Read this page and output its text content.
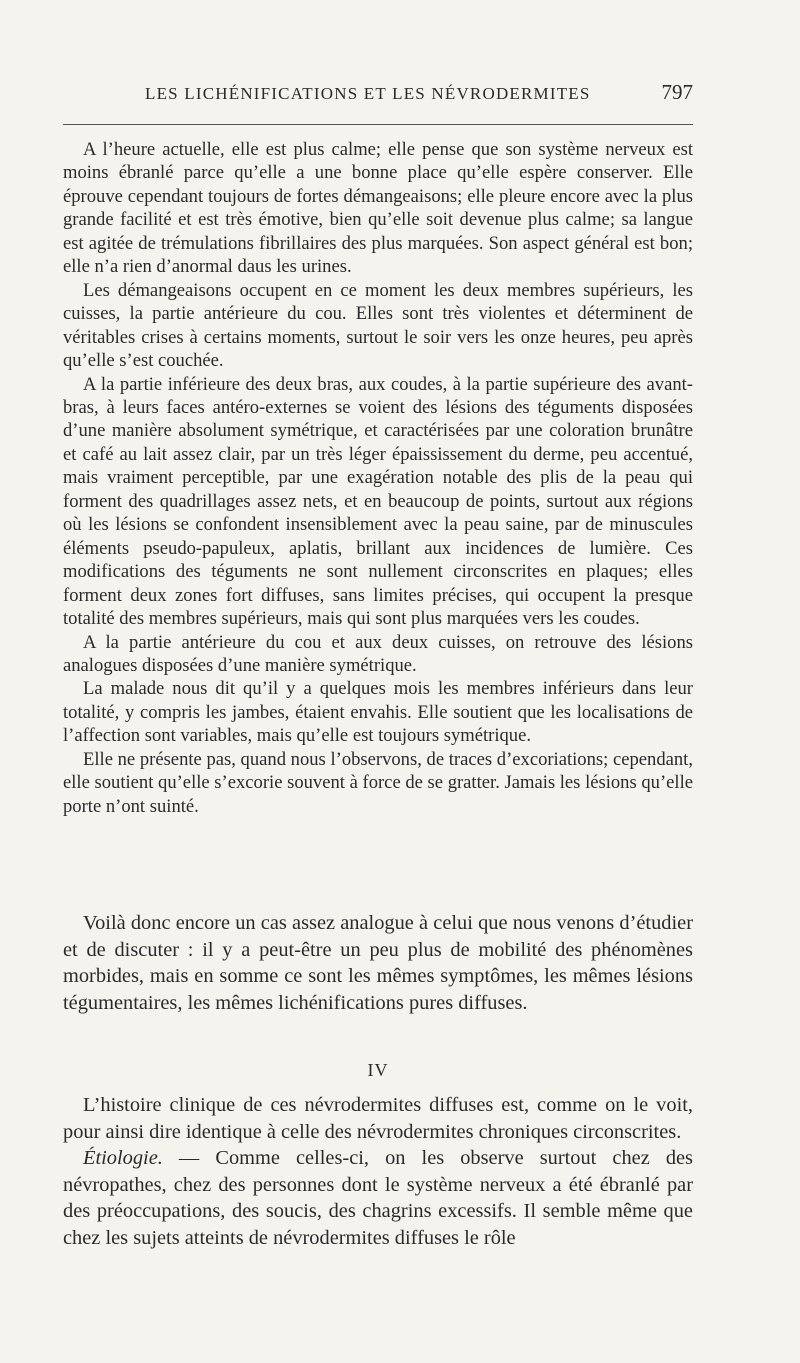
LES LICHÉNIFICATIONS ET LES NÉVRODERMITES	797

A l’heure actuelle, elle est plus calme; elle pense que son système nerveux est moins ébranlé parce qu’elle a une bonne place qu’elle espère conserver. Elle éprouve cependant toujours de fortes démangeaisons; elle pleure encore avec la plus grande facilité et est très émotive, bien qu’elle soit devenue plus calme; sa langue est agitée de trémulations fibrillaires des plus marquées. Son aspect général est bon; elle n’a rien d’anormal daus les urines.

Les démangeaisons occupent en ce moment les deux membres supérieurs, les cuisses, la partie antérieure du cou. Elles sont très violentes et déterminent de véritables crises à certains moments, surtout le soir vers les onze heures, peu après qu’elle s’est couchée.

A la partie inférieure des deux bras, aux coudes, à la partie supérieure des avant-bras, à leurs faces antéro-externes se voient des lésions des téguments disposées d’une manière absolument symétrique, et caractérisées par une coloration brunâtre et café au lait assez clair, par un très léger épaississement du derme, peu accentué, mais vraiment perceptible, par une exagération notable des plis de la peau qui forment des quadrillages assez nets, et en beaucoup de points, surtout aux régions où les lésions se confondent insensiblement avec la peau saine, par de minuscules éléments pseudo-papuleux, aplatis, brillant aux incidences de lumière. Ces modifications des téguments ne sont nullement circonscrites en plaques; elles forment deux zones fort diffuses, sans limites précises, qui occupent la presque totalité des membres supérieurs, mais qui sont plus marquées vers les coudes.

A la partie antérieure du cou et aux deux cuisses, on retrouve des lésions analogues disposées d’une manière symétrique.

La malade nous dit qu’il y a quelques mois les membres inférieurs dans leur totalité, y compris les jambes, étaient envahis. Elle soutient que les localisations de l’affection sont variables, mais qu’elle est toujours symétrique.

Elle ne présente pas, quand nous l’observons, de traces d’excoriations; cependant, elle soutient qu’elle s’excorie souvent à force de se gratter. Jamais les lésions qu’elle porte n’ont suinté.

Voilà donc encore un cas assez analogue à celui que nous venons d’étudier et de discuter : il y a peut-être un peu plus de mobilité des phénomènes morbides, mais en somme ce sont les mêmes symptômes, les mêmes lésions tégumentaires, les mêmes lichénifications pures diffuses.

IV

L’histoire clinique de ces névrodermites diffuses est, comme on le voit, pour ainsi dire identique à celle des névrodermites chroniques circonscrites.

Étiologie. — Comme celles-ci, on les observe surtout chez des névropathes, chez des personnes dont le système nerveux a été ébranlé par des préoccupations, des soucis, des chagrins excessifs. Il semble même que chez les sujets atteints de névrodermites diffuses le rôle
